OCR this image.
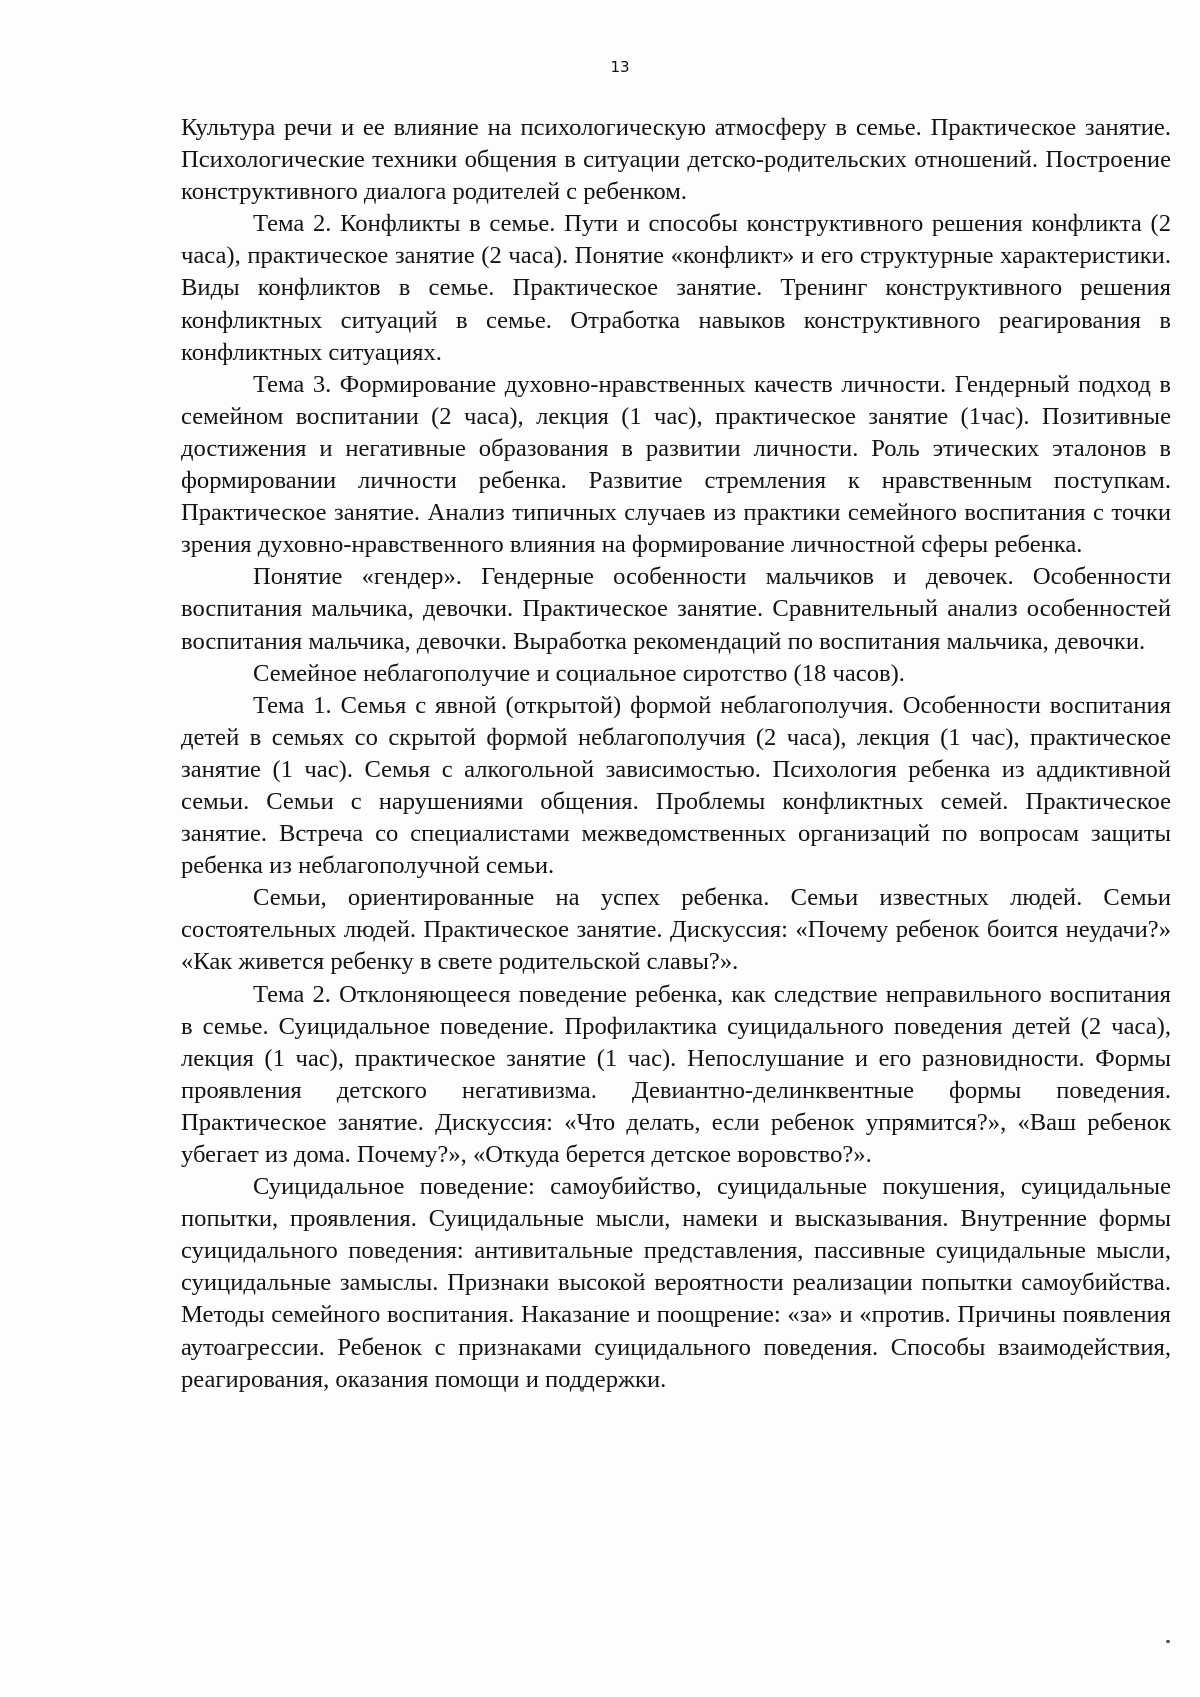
13

Культура речи и ее влияние на психологическую атмосферу в семье. Практическое занятие. Психологические техники общения в ситуации детско-родительских отношений. Построение конструктивного диалога родителей с ребенком.

Тема 2. Конфликты в семье. Пути и способы конструктивного решения конфликта (2 часа), практическое занятие (2 часа). Понятие «конфликт» и его структурные характеристики. Виды конфликтов в семье. Практическое занятие. Тренинг конструктивного решения конфликтных ситуаций в семье. Отработка навыков конструктивного реагирования в конфликтных ситуациях.

Тема 3. Формирование духовно-нравственных качеств личности. Гендерный подход в семейном воспитании (2 часа), лекция (1 час), практическое занятие (1час). Позитивные достижения и негативные образования в развитии личности. Роль этических эталонов в формировании личности ребенка. Развитие стремления к нравственным поступкам. Практическое занятие. Анализ типичных случаев из практики семейного воспитания с точки зрения духовно-нравственного влияния на формирование личностной сферы ребенка.

Понятие «гендер». Гендерные особенности мальчиков и девочек. Особенности воспитания мальчика, девочки. Практическое занятие. Сравнительный анализ особенностей воспитания мальчика, девочки. Выработка рекомендаций по воспитания мальчика, девочки.

Семейное неблагополучие и социальное сиротство (18 часов).

Тема 1. Семья с явной (открытой) формой неблагополучия. Особенности воспитания детей в семьях со скрытой формой неблагополучия (2 часа), лекция (1 час), практическое занятие (1 час). Семья с алкогольной зависимостью. Психология ребенка из аддиктивной семьи. Семьи с нарушениями общения. Проблемы конфликтных семей. Практическое занятие. Встреча со специалистами межведомственных организаций по вопросам защиты ребенка из неблагополучной семьи.

Семьи, ориентированные на успех ребенка. Семьи известных людей. Семьи состоятельных людей. Практическое занятие. Дискуссия: «Почему ребенок боится неудачи?» «Как живется ребенку в свете родительской славы?».

Тема 2. Отклоняющееся поведение ребенка, как следствие неправильного воспитания в семье. Суицидальное поведение. Профилактика суицидального поведения детей (2 часа), лекция (1 час), практическое занятие (1 час). Непослушание и его разновидности. Формы проявления детского негативизма. Девиантно-делинквентные формы поведения. Практическое занятие. Дискуссия: «Что делать, если ребенок упрямится?», «Ваш ребенок убегает из дома. Почему?», «Откуда берется детское воровство?».

Суицидальное поведение: самоубийство, суицидальные покушения, суицидальные попытки, проявления. Суицидальные мысли, намеки и высказывания. Внутренние формы суицидального поведения: антивитальные представления, пассивные суицидальные мысли, суицидальные замыслы. Признаки высокой вероятности реализации попытки самоубийства. Методы семейного воспитания. Наказание и поощрение: «за» и «против. Причины появления аутоагрессии. Ребенок с признаками суицидального поведения. Способы взаимодействия, реагирования, оказания помощи и поддержки.
